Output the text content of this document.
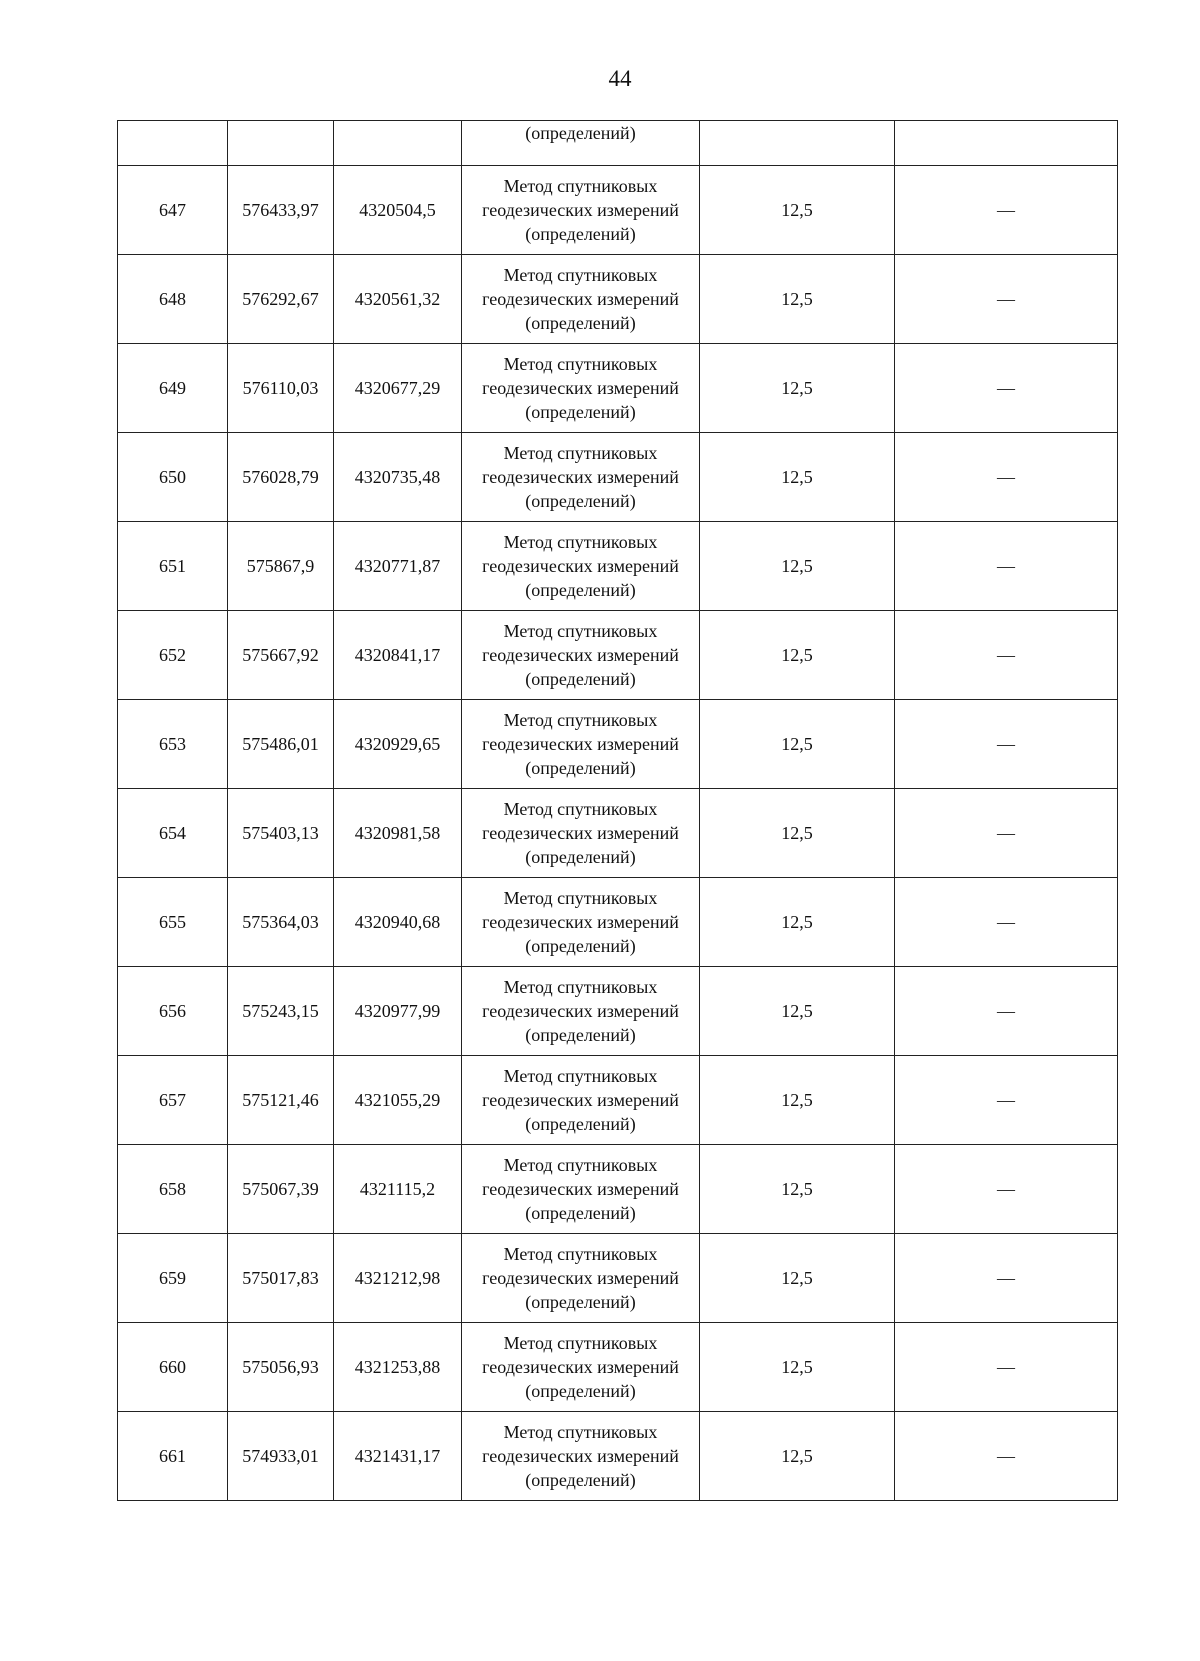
44
			(определений)		
647	576433,97	4320504,5	Метод спутниковых
геодезических измерений
(определений)	12,5	—
648	576292,67	4320561,32	Метод спутниковых
геодезических измерений
(определений)	12,5	—
649	576110,03	4320677,29	Метод спутниковых
геодезических измерений
(определений)	12,5	—
650	576028,79	4320735,48	Метод спутниковых
геодезических измерений
(определений)	12,5	—
651	575867,9	4320771,87	Метод спутниковых
геодезических измерений
(определений)	12,5	—
652	575667,92	4320841,17	Метод спутниковых
геодезических измерений
(определений)	12,5	—
653	575486,01	4320929,65	Метод спутниковых
геодезических измерений
(определений)	12,5	—
654	575403,13	4320981,58	Метод спутниковых
геодезических измерений
(определений)	12,5	—
655	575364,03	4320940,68	Метод спутниковых
геодезических измерений
(определений)	12,5	—
656	575243,15	4320977,99	Метод спутниковых
геодезических измерений
(определений)	12,5	—
657	575121,46	4321055,29	Метод спутниковых
геодезических измерений
(определений)	12,5	—
658	575067,39	4321115,2	Метод спутниковых
геодезических измерений
(определений)	12,5	—
659	575017,83	4321212,98	Метод спутниковых
геодезических измерений
(определений)	12,5	—
660	575056,93	4321253,88	Метод спутниковых
геодезических измерений
(определений)	12,5	—
661	574933,01	4321431,17	Метод спутниковых
геодезических измерений
(определений)	12,5	—
